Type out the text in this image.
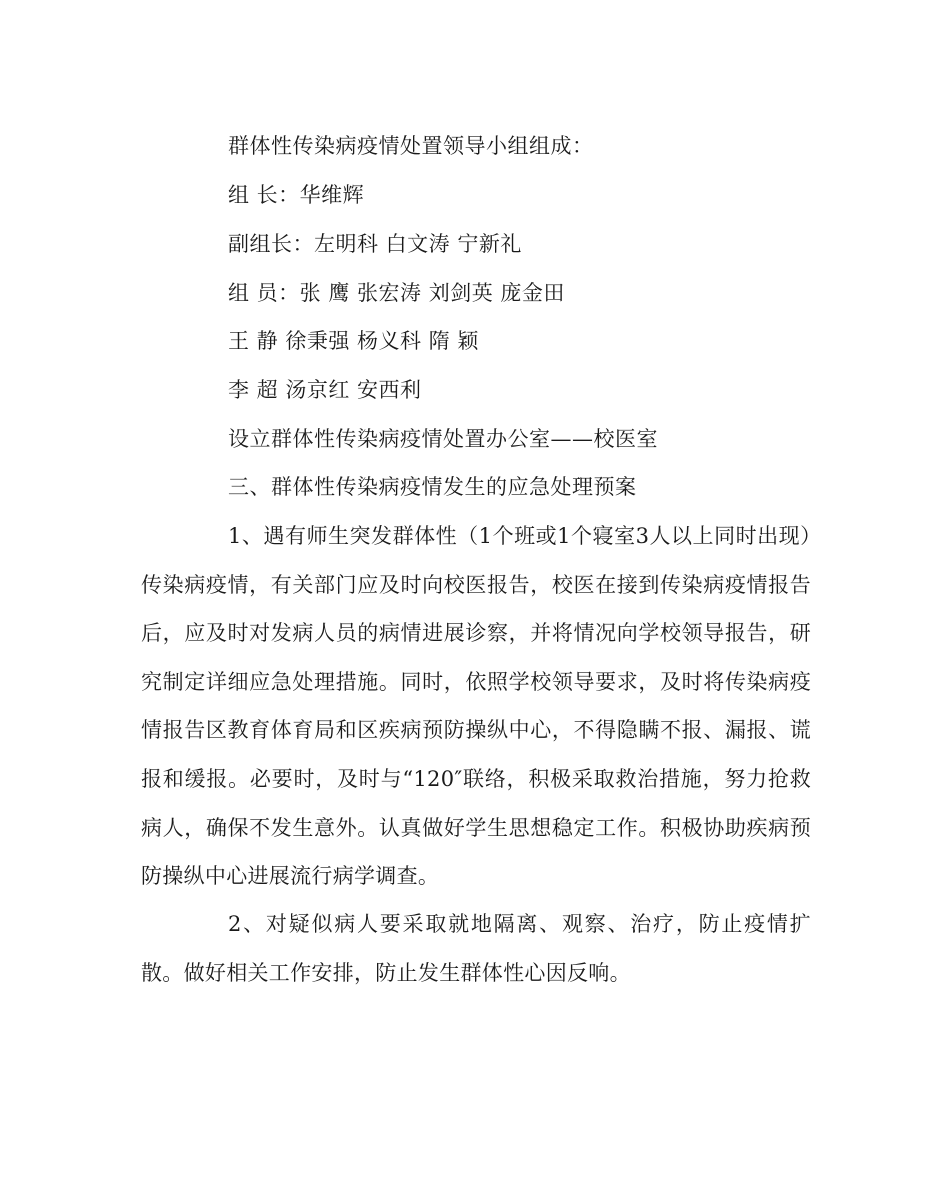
群体性传染病疫情处置领导小组组成：
组 长：华维辉
副组长：左明科 白文涛 宁新礼
组 员：张 鹰 张宏涛 刘剑英 庞金田
王 静 徐秉强 杨义科 隋 颖
李 超 汤京红 安西利
设立群体性传染病疫情处置办公室——校医室
三、群体性传染病疫情发生的应急处理预案
1、遇有师生突发群体性（1个班或1个寝室3人以上同时出现）传染病疫情，有关部门应及时向校医报告，校医在接到传染病疫情报告后，应及时对发病人员的病情进展诊察，并将情况向学校领导报告，研究制定详细应急处理措施。同时，依照学校领导要求，及时将传染病疫情报告区教育体育局和区疾病预防操纵中心，不得隐瞒不报、漏报、谎报和缓报。必要时，及时与“120″联络，积极采取救治措施，努力抢救病人，确保不发生意外。认真做好学生思想稳定工作。积极协助疾病预防操纵中心进展流行病学调查。
2、对疑似病人要采取就地隔离、观察、治疗，防止疫情扩散。做好相关工作安排，防止发生群体性心因反响。
